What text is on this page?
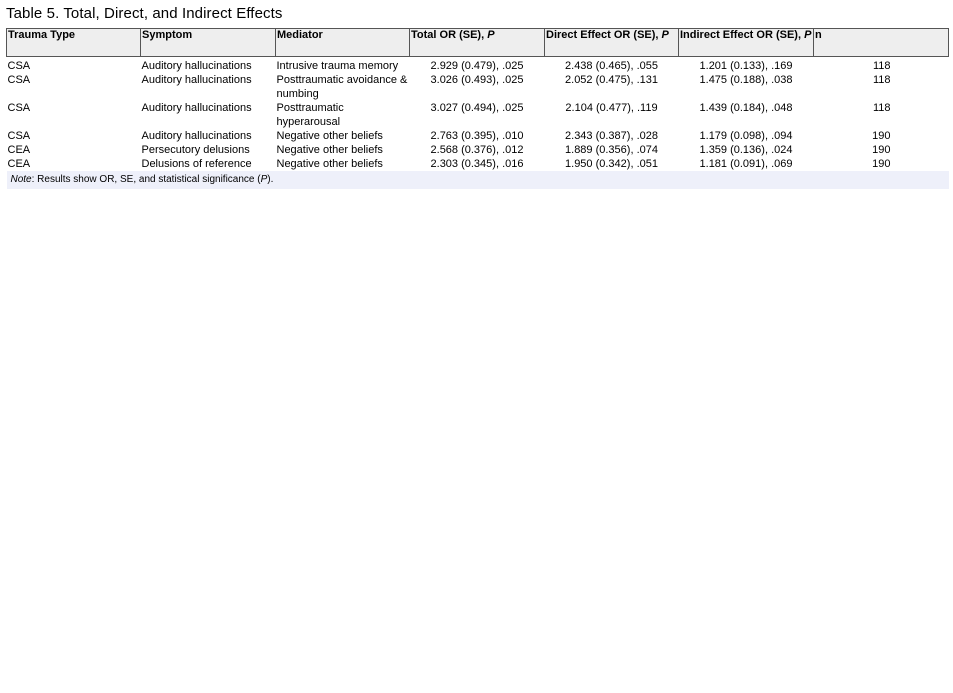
Table 5. Total, Direct, and Indirect Effects
Trauma Type	Symptom	Mediator	Total OR (SE), P	Direct Effect OR (SE), P	Indirect Effect OR (SE), P	n
CSA	Auditory hallucinations	Intrusive trauma memory	2.929 (0.479), .025	2.438 (0.465), .055	1.201 (0.133), .169	118
CSA	Auditory hallucinations	Posttraumatic avoidance & numbing	3.026 (0.493), .025	2.052 (0.475), .131	1.475 (0.188), .038	118
CSA	Auditory hallucinations	Posttraumatic hyperarousal	3.027 (0.494), .025	2.104 (0.477), .119	1.439 (0.184), .048	118
CSA	Auditory hallucinations	Negative other beliefs	2.763 (0.395), .010	2.343 (0.387), .028	1.179 (0.098), .094	190
CEA	Persecutory delusions	Negative other beliefs	2.568 (0.376), .012	1.889 (0.356), .074	1.359 (0.136), .024	190
CEA	Delusions of reference	Negative other beliefs	2.303 (0.345), .016	1.950 (0.342), .051	1.181 (0.091), .069	190
Note: Results show OR, SE, and statistical significance (P).						
